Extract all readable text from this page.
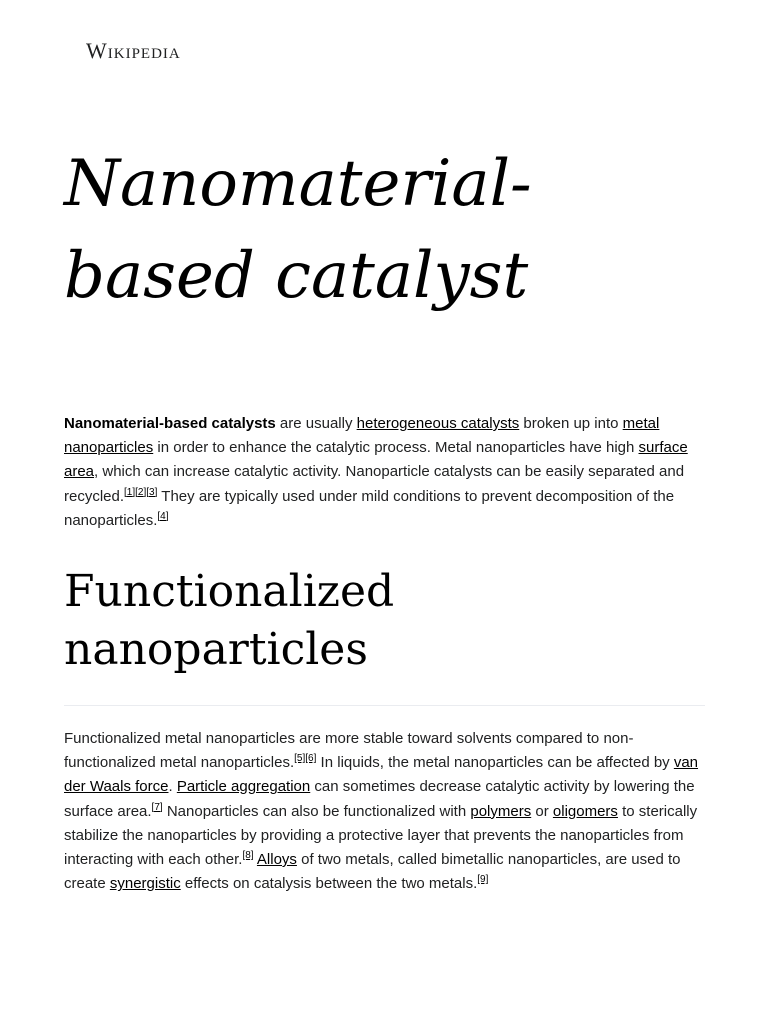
Wikipedia
Nanomaterial-based catalyst

Nanomaterial-based catalysts are usually heterogeneous catalysts broken up into metal nanoparticles in order to enhance the catalytic process. Metal nanoparticles have high surface area, which can increase catalytic activity. Nanoparticle catalysts can be easily separated and recycled.[1][2][3] They are typically used under mild conditions to prevent decomposition of the nanoparticles.[4]

Functionalized nanoparticles

Functionalized metal nanoparticles are more stable toward solvents compared to non-functionalized metal nanoparticles.[5][6] In liquids, the metal nanoparticles can be affected by van der Waals force. Particle aggregation can sometimes decrease catalytic activity by lowering the surface area.[7] Nanoparticles can also be functionalized with polymers or oligomers to sterically stabilize the nanoparticles by providing a protective layer that prevents the nanoparticles from interacting with each other.[8] Alloys of two metals, called bimetallic nanoparticles, are used to create synergistic effects on catalysis between the two metals.[9]
